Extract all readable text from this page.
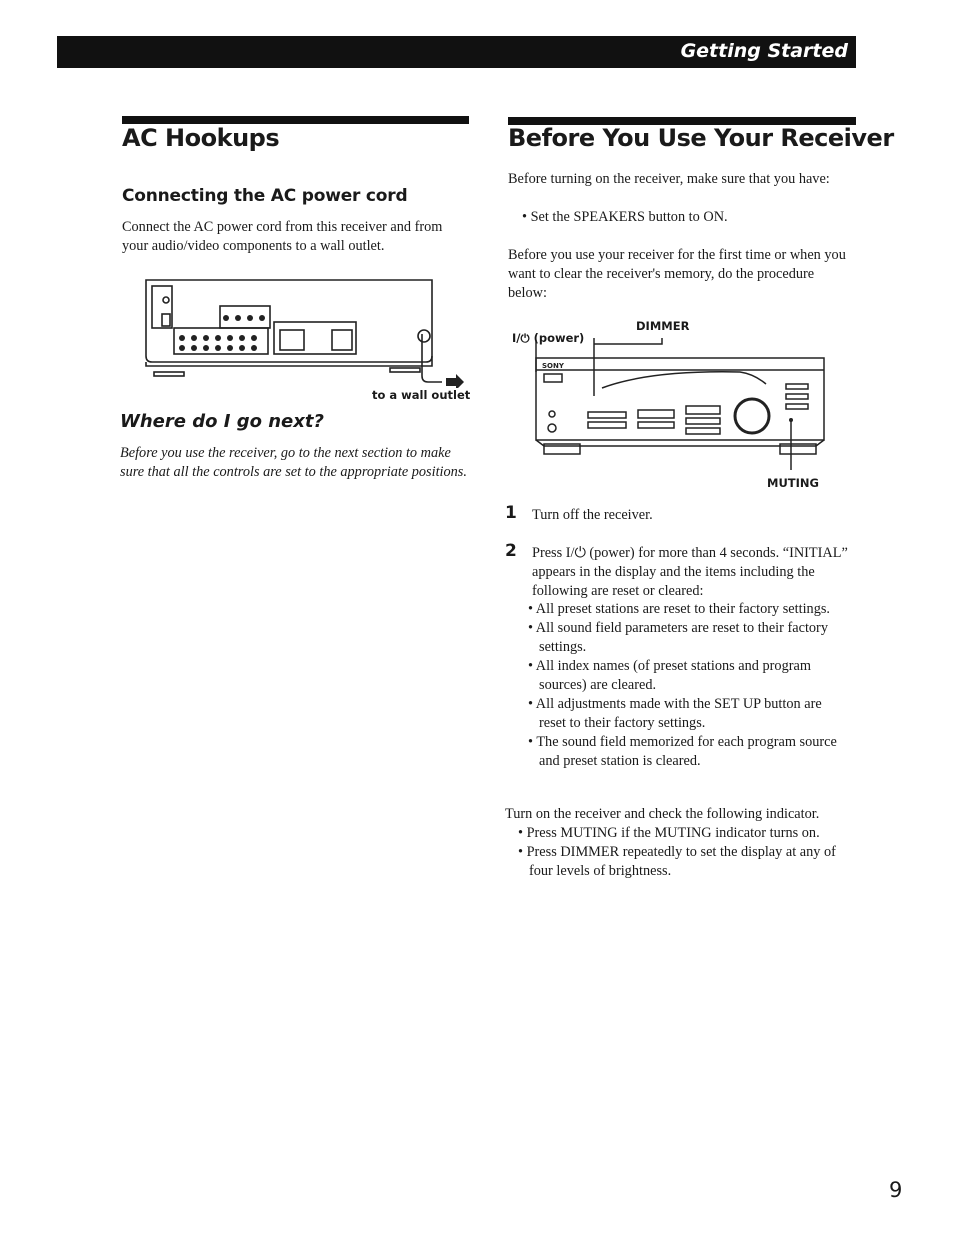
Getting Started
AC Hookups
Connecting the AC power cord
Connect the AC power cord from this receiver and from your audio/video components to a wall outlet.
to a wall outlet
Where do I go next?
Before you use the receiver, go to the next section to make sure that all the controls are set to the appropriate positions.
Before You Use Your Receiver
Before turning on the receiver, make sure that you have:
• Set the SPEAKERS button to ON.
Before you use your receiver for the first time or when you want to clear the receiver's memory, do the procedure below:
I/⏻ (power)
DIMMER
SONY
MUTING
1 Turn off the receiver.
2 Press I/⏻ (power) for more than 4 seconds. “INITIAL” appears in the display and the items including the following are reset or cleared:
• All preset stations are reset to their factory settings.
• All sound field parameters are reset to their factory settings.
• All index names (of preset stations and program sources) are cleared.
• All adjustments made with the SET UP button are reset to their factory settings.
• The sound field memorized for each program source and preset station is cleared.
Turn on the receiver and check the following indicator.
• Press MUTING if the MUTING indicator turns on.
• Press DIMMER repeatedly to set the display at any of four levels of brightness.
9
